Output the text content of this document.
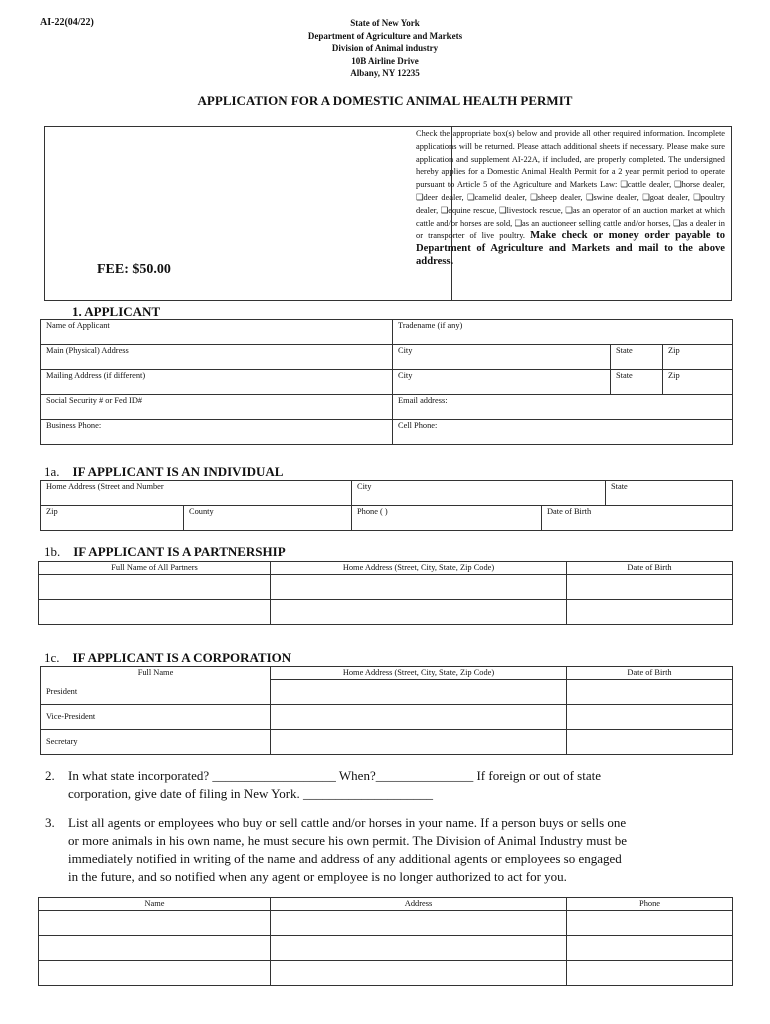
AI-22(04/22)	State of New York
Department of Agriculture and Markets
Division of Animal industry
10B Airline Drive
Albany, NY 12235
APPLICATION FOR A DOMESTIC ANIMAL HEALTH PERMIT
FEE: $50.00
Check the appropriate box(s) below and provide all other required information. Incomplete applications will be returned. Please attach additional sheets if necessary. Please make sure application and supplement AI-22A, if included, are properly completed. The undersigned hereby applies for a Domestic Animal Health Permit for a 2 year permit period to operate pursuant to Article 5 of the Agriculture and Markets Law: ❑cattle dealer, ❑horse dealer, ❑deer dealer, ❑camelid dealer, ❑sheep dealer, ❑swine dealer, ❑goat dealer, ❑poultry dealer, ❑equine rescue, ❑livestock rescue, ❑as an operator of an auction market at which cattle and/or horses are sold, ❑as an auctioneer selling cattle and/or horses, ❑as a dealer in or transporter of live poultry. Make check or money order payable to Department of Agriculture and Markets and mail to the above address.
1. APPLICANT
Name of Applicant	Tradename (if any)		
Main (Physical) Address	City	State	Zip
Mailing Address (if different)	City	State	Zip
Social Security # or Fed ID#	Email address:		
Business Phone:	Cell Phone:		
1a. IF APPLICANT IS AN INDIVIDUAL
Home Address (Street and Number		City		State
Zip	County	Phone ( )	Date of Birth	
1b. IF APPLICANT IS A PARTNERSHIP
Full Name of All Partners	Home Address (Street, City, State, Zip Code)	Date of Birth

1c. IF APPLICANT IS A CORPORATION
Full Name	Home Address (Street, City, State, Zip Code)	Date of Birth
President		
Vice-President		
Secretary		
2. In what state incorporated? ___________________ When?_______________ If foreign or out of state
corporation, give date of filing in New York. ____________________
3. List all agents or employees who buy or sell cattle and/or horses in your name. If a person buys or sells one
or more animals in his own name, he must secure his own permit. The Division of Animal Industry must be
immediately notified in writing of the name and address of any additional agents or employees so engaged
in the future, and so notified when any agent or employee is no longer authorized to act for you.
Name	Address	Phone
